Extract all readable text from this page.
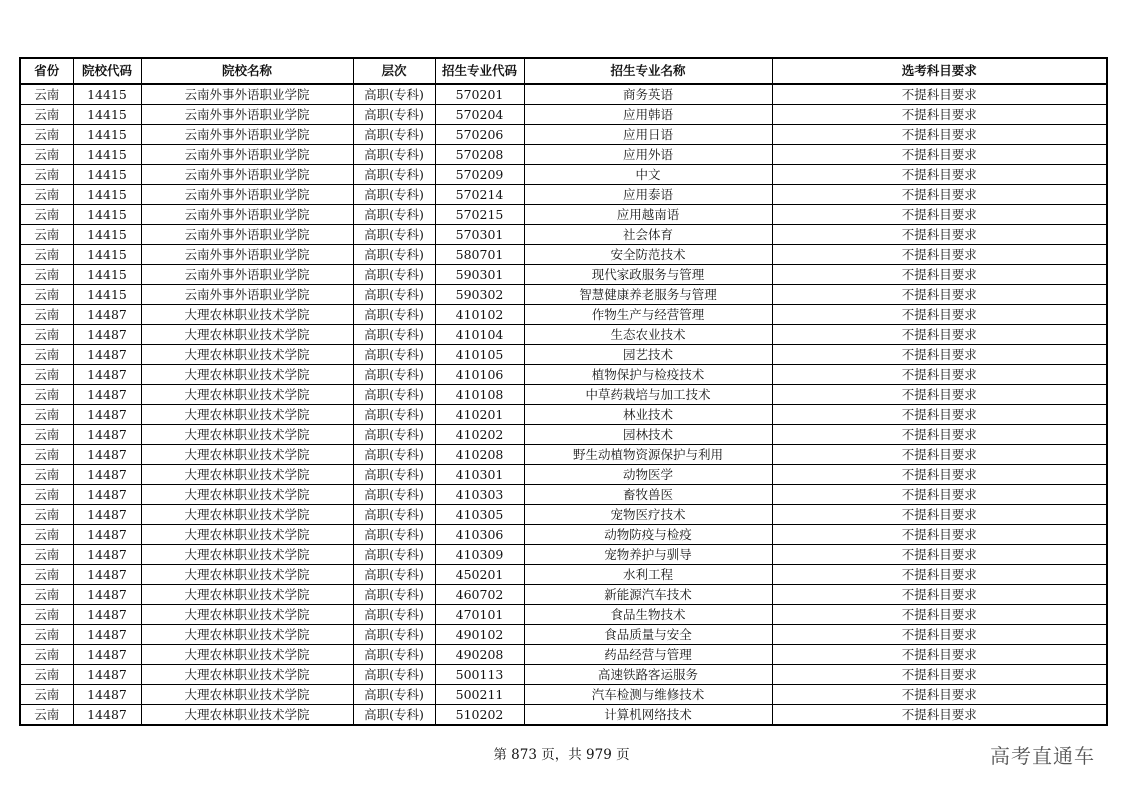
省份	院校代码	院校名称	层次	招生专业代码	招生专业名称	选考科目要求
云南	14415	云南外事外语职业学院	高职(专科)	570201	商务英语	不提科目要求
云南	14415	云南外事外语职业学院	高职(专科)	570204	应用韩语	不提科目要求
云南	14415	云南外事外语职业学院	高职(专科)	570206	应用日语	不提科目要求
云南	14415	云南外事外语职业学院	高职(专科)	570208	应用外语	不提科目要求
云南	14415	云南外事外语职业学院	高职(专科)	570209	中文	不提科目要求
云南	14415	云南外事外语职业学院	高职(专科)	570214	应用泰语	不提科目要求
云南	14415	云南外事外语职业学院	高职(专科)	570215	应用越南语	不提科目要求
云南	14415	云南外事外语职业学院	高职(专科)	570301	社会体育	不提科目要求
云南	14415	云南外事外语职业学院	高职(专科)	580701	安全防范技术	不提科目要求
云南	14415	云南外事外语职业学院	高职(专科)	590301	现代家政服务与管理	不提科目要求
云南	14415	云南外事外语职业学院	高职(专科)	590302	智慧健康养老服务与管理	不提科目要求
云南	14487	大理农林职业技术学院	高职(专科)	410102	作物生产与经营管理	不提科目要求
云南	14487	大理农林职业技术学院	高职(专科)	410104	生态农业技术	不提科目要求
云南	14487	大理农林职业技术学院	高职(专科)	410105	园艺技术	不提科目要求
云南	14487	大理农林职业技术学院	高职(专科)	410106	植物保护与检疫技术	不提科目要求
云南	14487	大理农林职业技术学院	高职(专科)	410108	中草药栽培与加工技术	不提科目要求
云南	14487	大理农林职业技术学院	高职(专科)	410201	林业技术	不提科目要求
云南	14487	大理农林职业技术学院	高职(专科)	410202	园林技术	不提科目要求
云南	14487	大理农林职业技术学院	高职(专科)	410208	野生动植物资源保护与利用	不提科目要求
云南	14487	大理农林职业技术学院	高职(专科)	410301	动物医学	不提科目要求
云南	14487	大理农林职业技术学院	高职(专科)	410303	畜牧兽医	不提科目要求
云南	14487	大理农林职业技术学院	高职(专科)	410305	宠物医疗技术	不提科目要求
云南	14487	大理农林职业技术学院	高职(专科)	410306	动物防疫与检疫	不提科目要求
云南	14487	大理农林职业技术学院	高职(专科)	410309	宠物养护与驯导	不提科目要求
云南	14487	大理农林职业技术学院	高职(专科)	450201	水利工程	不提科目要求
云南	14487	大理农林职业技术学院	高职(专科)	460702	新能源汽车技术	不提科目要求
云南	14487	大理农林职业技术学院	高职(专科)	470101	食品生物技术	不提科目要求
云南	14487	大理农林职业技术学院	高职(专科)	490102	食品质量与安全	不提科目要求
云南	14487	大理农林职业技术学院	高职(专科)	490208	药品经营与管理	不提科目要求
云南	14487	大理农林职业技术学院	高职(专科)	500113	高速铁路客运服务	不提科目要求
云南	14487	大理农林职业技术学院	高职(专科)	500211	汽车检测与维修技术	不提科目要求
云南	14487	大理农林职业技术学院	高职(专科)	510202	计算机网络技术	不提科目要求
第 873 页，共 979 页	高考直通车
